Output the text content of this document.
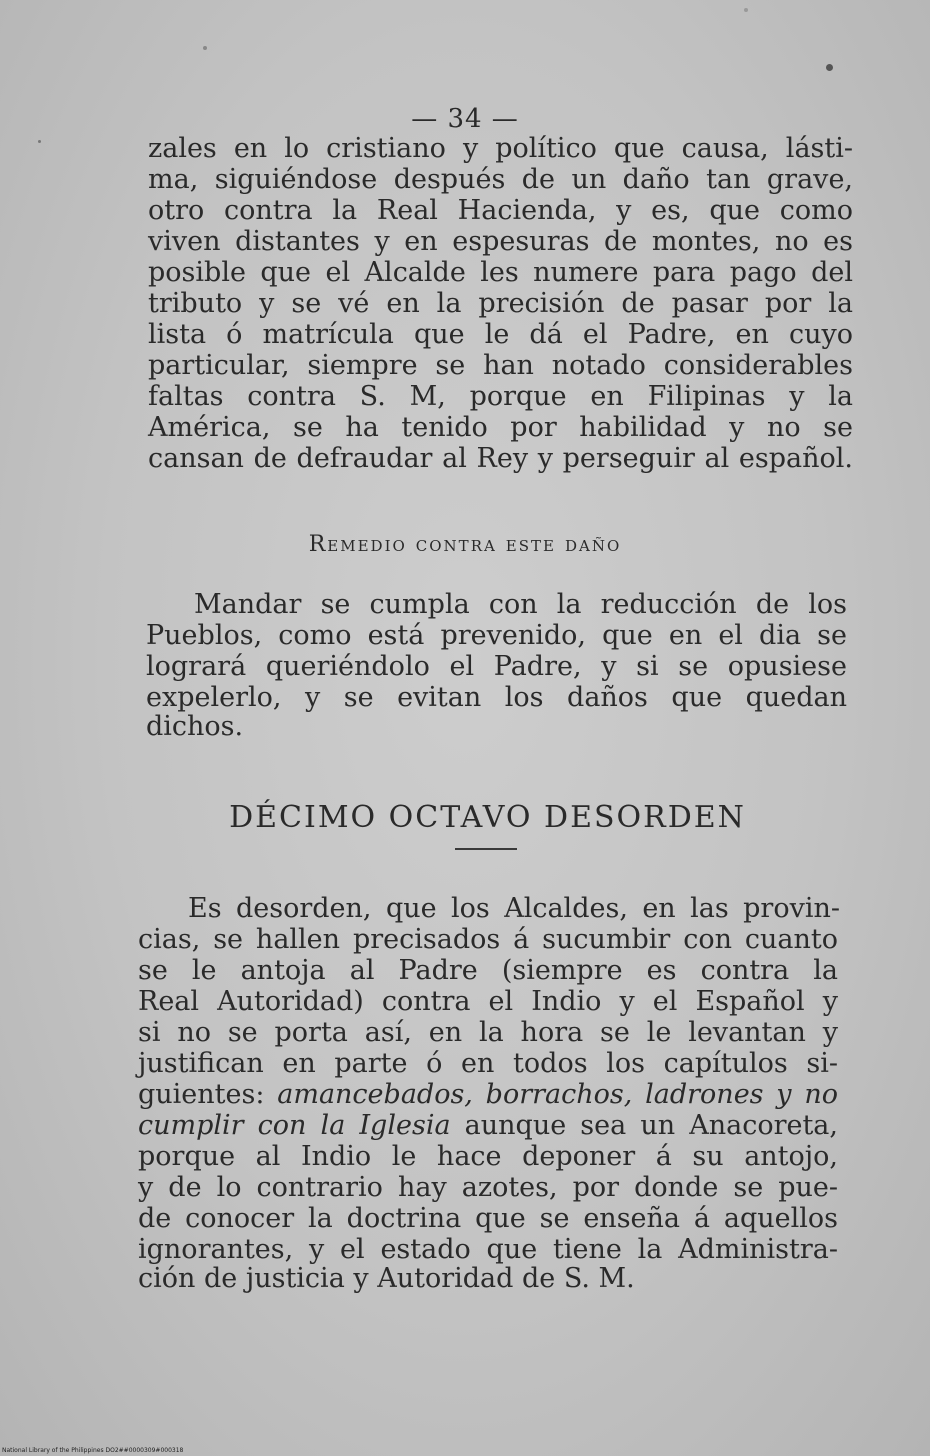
— 34 —
zales en lo cristiano y político que causa, lásti-
ma, siguiéndose después de un daño tan grave,
otro contra la Real Hacienda, y es, que como
viven distantes y en espesuras de montes, no es
posible que el Alcalde les numere para pago del
tributo y se vé en la precisión de pasar por la
lista ó matrícula que le dá el Padre, en cuyo
particular, siempre se han notado considerables
faltas contra S. M, porque en Filipinas y la
América, se ha tenido por habilidad y no se
cansan de defraudar al Rey y perseguir al español.
Remedio contra este daño
Mandar se cumpla con la reducción de los
Pueblos, como está prevenido, que en el dia se
logrará queriéndolo el Padre, y si se opusiese
expelerlo, y se evitan los daños que quedan
dichos.
DÉCIMO OCTAVO DESORDEN
Es desorden, que los Alcaldes, en las provin-
cias, se hallen precisados á sucumbir con cuanto
se le antoja al Padre (siempre es contra la
Real Autoridad) contra el Indio y el Español y
si no se porta así, en la hora se le levantan y
justifican en parte ó en todos los capítulos si-
guientes: amancebados, borrachos, ladrones y no
cumplir con la Iglesia aunque sea un Anacoreta,
porque al Indio le hace deponer á su antojo,
y de lo contrario hay azotes, por donde se pue-
de conocer la doctrina que se enseña á aquellos
ignorantes, y el estado que tiene la Administra-
ción de justicia y Autoridad de S. M.
National Library of the Philippines DO2##0000309#000318
